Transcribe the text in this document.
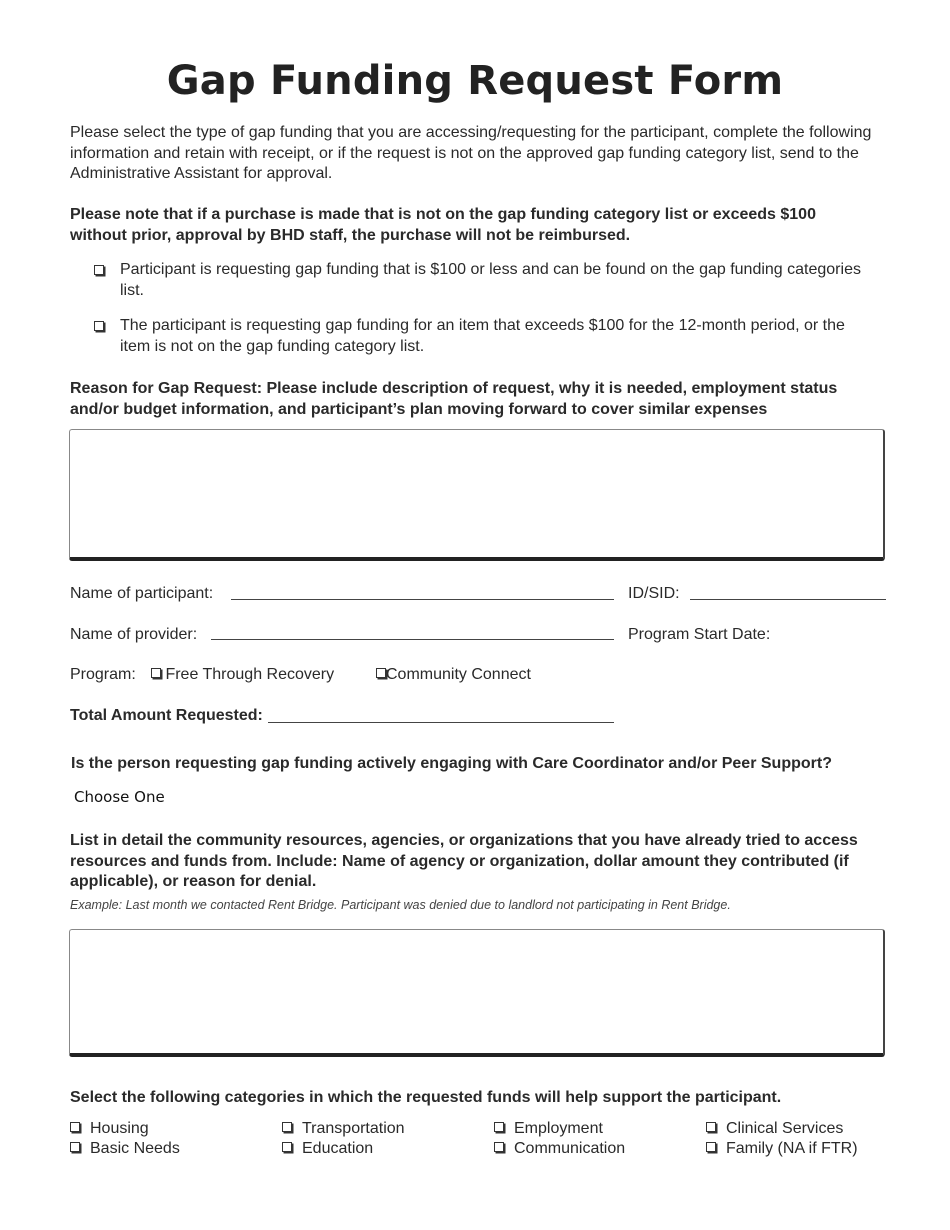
Gap Funding Request Form
Please select the type of gap funding that you are accessing/requesting for the participant, complete the following information and retain with receipt, or if the request is not on the approved gap funding category list, send to the Administrative Assistant for approval.
Please note that if a purchase is made that is not on the gap funding category list or exceeds $100 without prior, approval by BHD staff, the purchase will not be reimbursed.
Participant is requesting gap funding that is $100 or less and can be found on the gap funding categories list.
The participant is requesting gap funding for an item that exceeds $100 for the 12-month period, or the item is not on the gap funding category list.
Reason for Gap Request: Please include description of request, why it is needed, employment status and/or budget information, and participant’s plan moving forward to cover similar expenses
Name of participant:	ID/SID:
Name of provider:	Program Start Date:
Program:	Free Through Recovery	Community Connect
Total Amount Requested:
Is the person requesting gap funding actively engaging with Care Coordinator and/or Peer Support?
Choose One
List in detail the community resources, agencies, or organizations that you have already tried to access resources and funds from. Include: Name of agency or organization, dollar amount they contributed (if applicable), or reason for denial.
Example: Last month we contacted Rent Bridge. Participant was denied due to landlord not participating in Rent Bridge.
Select the following categories in which the requested funds will help support the participant.
Housing	Transportation	Employment	Clinical Services
Basic Needs	Education	Communication	Family (NA if FTR)
